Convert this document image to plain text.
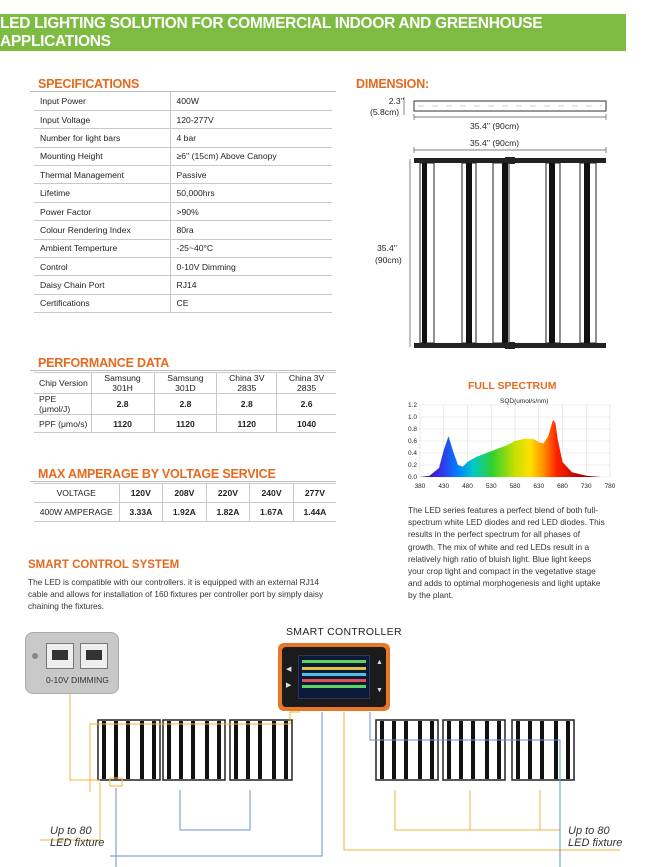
LED LIGHTING SOLUTION FOR COMMERCIAL INDOOR AND GREENHOUSE APPLICATIONS
SPECIFICATIONS
Input Power	400W
Input Voltage	120-277V
Number for light bars	4 bar
Mounting Height	≥6'' (15cm) Above Canopy
Thermal Management	Passive
Lifetime	50,000hrs
Power Factor	>90%
Colour Rendering Index	80ra
Ambient Temperture	-25~40°C
Control	0-10V Dimming
Daisy Chain Port	RJ14
Certifications	CE
DIMENSION:
2.3''
(5.8cm)
35.4'' (90cm)
35.4'' (90cm)
35.4''
(90cm)
PERFORMANCE DATA
Chip Version	Samsung 301H	Samsung 301D	China 3V 2835	China 3V 2835
PPE (μmol/J)	2.8	2.8	2.8	2.6
PPF (μmo/s)	1120	1120	1120	1040
MAX AMPERAGE BY VOLTAGE SERVICE
VOLTAGE	120V	208V	220V	240V	277V
400W AMPERAGE	3.33A	1.92A	1.82A	1.67A	1.44A
FULL SPECTRUM
SQD(umol/s/nm)
0.0
0.2
0.4
0.6
0.8
1.0
1.2
380 430 480 530 580 630 680 730 780
The LED series features a perfect blend of both full-spectrum white LED diodes and red LED diodes. This results in the perfect spectrum for all phases of growth. The mix of white and red LEDs result in a relatively high ratio of bluish light. Blue light keeps your crop tight and compact in the vegetative stage and adds to optimal morphogenesis and light uptake by the plant.
SMART CONTROL SYSTEM
The LED is compatible with our controllers. it is equipped with an external RJ14 cable and allows for installation of 160 fixtures per controller port by simply daisy chaining the fixtures.
0-10V DIMMING
SMART CONTROLLER
◀
▶
▲
▼
Up to 80
LED fixture
Up to 80
LED fixture
